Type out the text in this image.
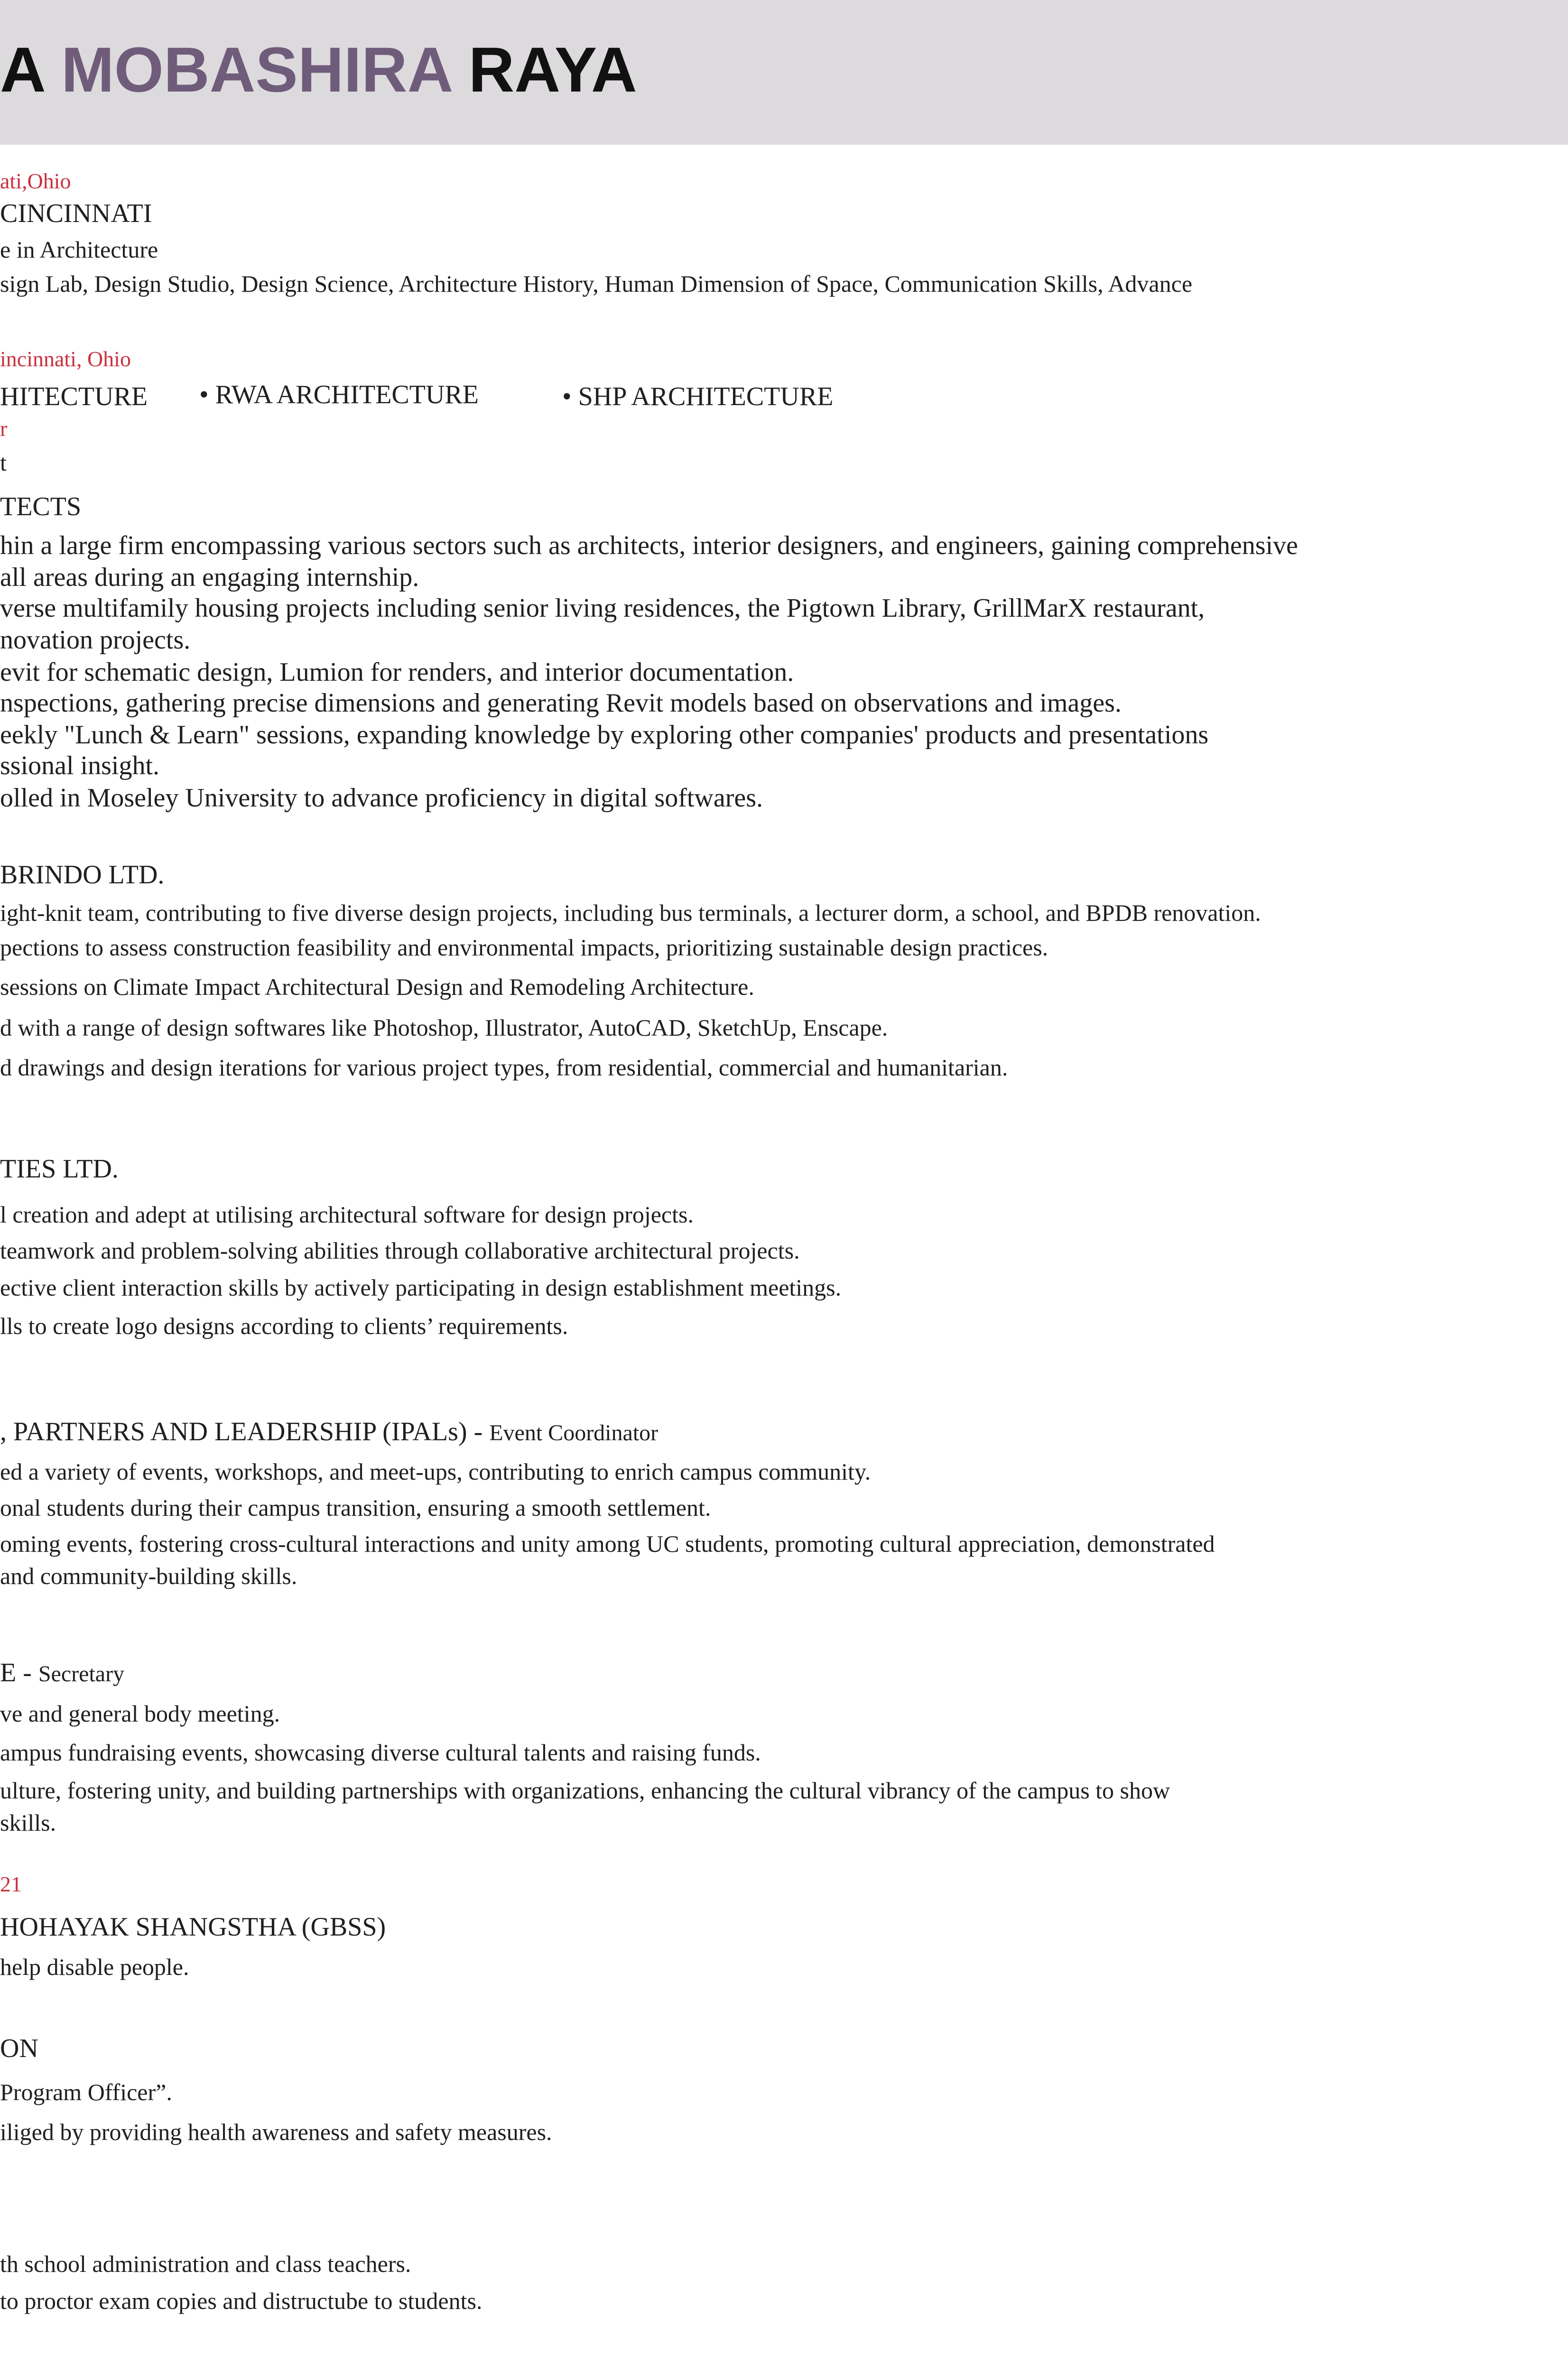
A MOBASHIRA RAYA

ati,Ohio

CINCINNATI

e in Architecture

sign Lab, Design Studio, Design Science, Architecture History, Human Dimension of Space, Communication Skills, Advance

incinnati, Ohio

HITECTURE • RWA ARCHITECTURE	• SHP ARCHITECTURE

r

t

TECTS

hin a large firm encompassing various sectors such as architects, interior designers, and engineers, gaining comprehensive

all areas during an engaging internship.

verse multifamily housing projects including senior living residences, the Pigtown Library, GrillMarX restaurant,

novation projects.

evit for schematic design, Lumion for renders, and interior documentation.

nspections, gathering precise dimensions and generating Revit models based on observations and images.

eekly "Lunch & Learn" sessions, expanding knowledge by exploring other companies' products and presentations

ssional insight.

olled in Moseley University to advance proficiency in digital softwares.

BRINDO LTD.

ight-knit team, contributing to five diverse design projects, including bus terminals, a lecturer dorm, a school, and BPDB renovation.

pections to assess construction feasibility and environmental impacts, prioritizing sustainable design practices.

sessions on Climate Impact Architectural Design and Remodeling Architecture.

d with a range of design softwares like Photoshop, Illustrator, AutoCAD, SketchUp, Enscape.

d drawings and design iterations for various project types, from residential, commercial and humanitarian.

TIES LTD.

l creation and adept at utilising architectural software for design projects.

teamwork and problem-solving abilities through collaborative architectural projects.

ective client interaction skills by actively participating in design establishment meetings.

lls to create logo designs according to clients’ requirements.

, PARTNERS AND LEADERSHIP (IPALs) - Event Coordinator

ed a variety of events, workshops, and meet-ups, contributing to enrich campus community.

onal students during their campus transition, ensuring a smooth settlement.

oming events, fostering cross-cultural interactions and unity among UC students, promoting cultural appreciation, demonstrated

and community-building skills.

E - Secretary

ve and general body meeting.

ampus fundraising events, showcasing diverse cultural talents and raising funds.

ulture, fostering unity, and building partnerships with organizations, enhancing the cultural vibrancy of the campus to show

skills.

21

HOHAYAK SHANGSTHA (GBSS)

help disable people.

ON

Program Officer”.

iliged by providing health awareness and safety measures.

th school administration and class teachers.

to proctor exam copies and distructube to students.
